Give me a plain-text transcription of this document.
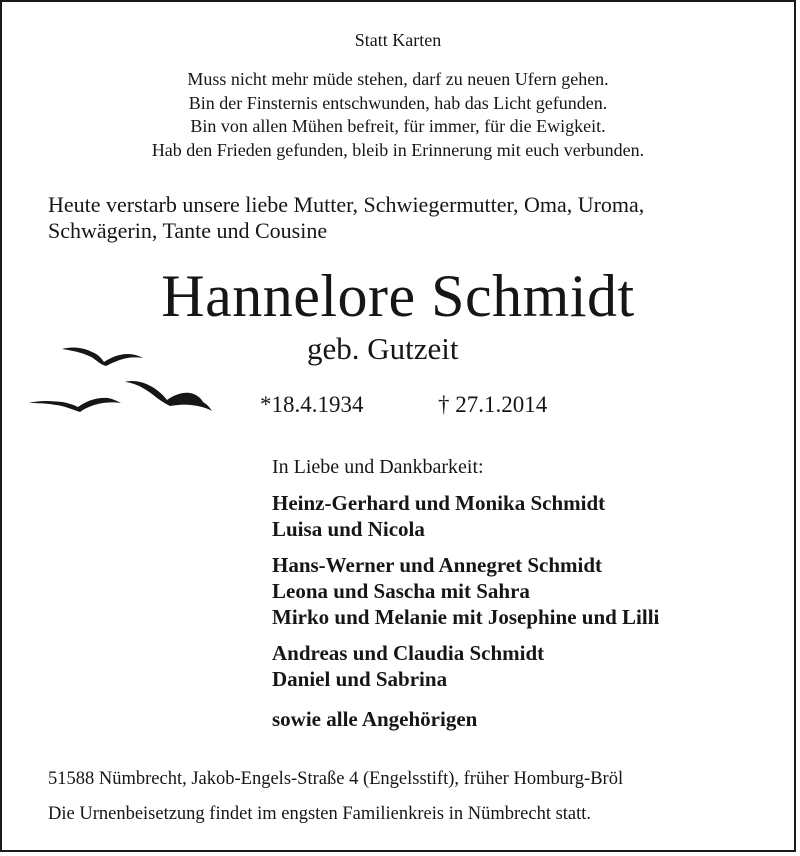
Statt Karten
Muss nicht mehr müde stehen, darf zu neuen Ufern gehen.
Bin der Finsternis entschwunden, hab das Licht gefunden.
Bin von allen Mühen befreit, für immer, für die Ewigkeit.
Hab den Frieden gefunden, bleib in Erinnerung mit euch verbunden.
Heute verstarb unsere liebe Mutter, Schwiegermutter, Oma, Uroma,
Schwägerin, Tante und Cousine
Hannelore Schmidt
geb. Gutzeit
*18.4.1934	† 27.1.2014
In Liebe und Dankbarkeit:
Heinz-Gerhard und Monika Schmidt
Luisa und Nicola
Hans-Werner und Annegret Schmidt
Leona und Sascha mit Sahra
Mirko und Melanie mit Josephine und Lilli
Andreas und Claudia Schmidt
Daniel und Sabrina
sowie alle Angehörigen
51588 Nümbrecht, Jakob-Engels-Straße 4 (Engelsstift), früher Homburg-Bröl
Die Urnenbeisetzung findet im engsten Familienkreis in Nümbrecht statt.
